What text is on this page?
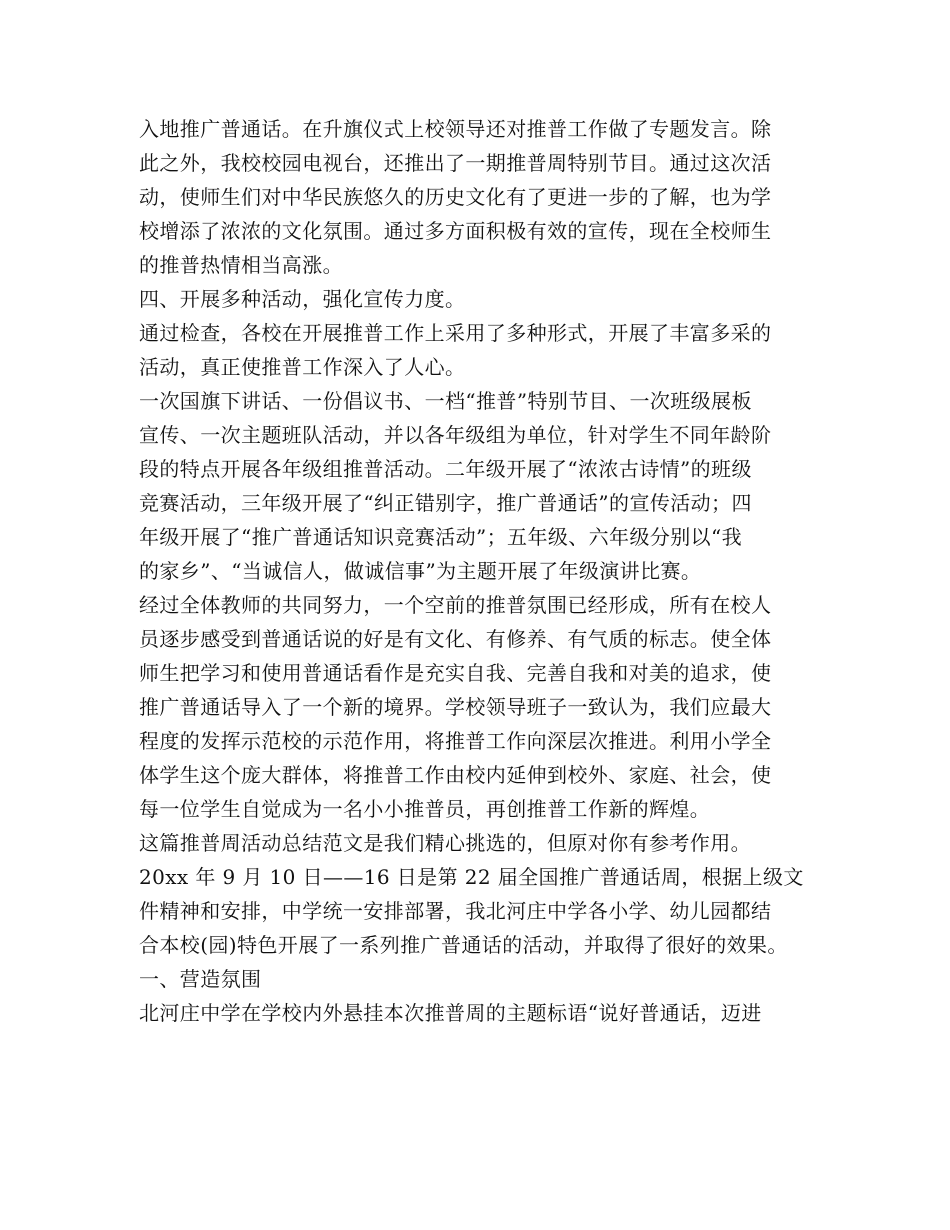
入地推广普通话。在升旗仪式上校领导还对推普工作做了专题发言。除
此之外，我校校园电视台，还推出了一期推普周特别节目。通过这次活
动，使师生们对中华民族悠久的历史文化有了更进一步的了解，也为学
校增添了浓浓的文化氛围。通过多方面积极有效的宣传，现在全校师生
的推普热情相当高涨。
四、开展多种活动，强化宣传力度。
通过检查，各校在开展推普工作上采用了多种形式，开展了丰富多采的
活动，真正使推普工作深入了人心。
一次国旗下讲话、一份倡议书、一档“推普”特别节目、一次班级展板
宣传、一次主题班队活动，并以各年级组为单位，针对学生不同年龄阶
段的特点开展各年级组推普活动。二年级开展了“浓浓古诗情”的班级
竞赛活动，三年级开展了“纠正错别字，推广普通话”的宣传活动；四
年级开展了“推广普通话知识竞赛活动”；五年级、六年级分别以“我
的家乡”、“当诚信人，做诚信事”为主题开展了年级演讲比赛。
经过全体教师的共同努力，一个空前的推普氛围已经形成，所有在校人
员逐步感受到普通话说的好是有文化、有修养、有气质的标志。使全体
师生把学习和使用普通话看作是充实自我、完善自我和对美的追求，使
推广普通话导入了一个新的境界。学校领导班子一致认为，我们应最大
程度的发挥示范校的示范作用，将推普工作向深层次推进。利用小学全
体学生这个庞大群体，将推普工作由校内延伸到校外、家庭、社会，使
每一位学生自觉成为一名小小推普员，再创推普工作新的辉煌。
这篇推普周活动总结范文是我们精心挑选的，但原对你有参考作用。
20xx 年 9 月 10 日——16 日是第 22 届全国推广普通话周，根据上级文
件精神和安排，中学统一安排部署，我北河庄中学各小学、幼儿园都结
合本校(园)特色开展了一系列推广普通话的活动，并取得了很好的效果。
一、营造氛围
北河庄中学在学校内外悬挂本次推普周的主题标语“说好普通话，迈进
